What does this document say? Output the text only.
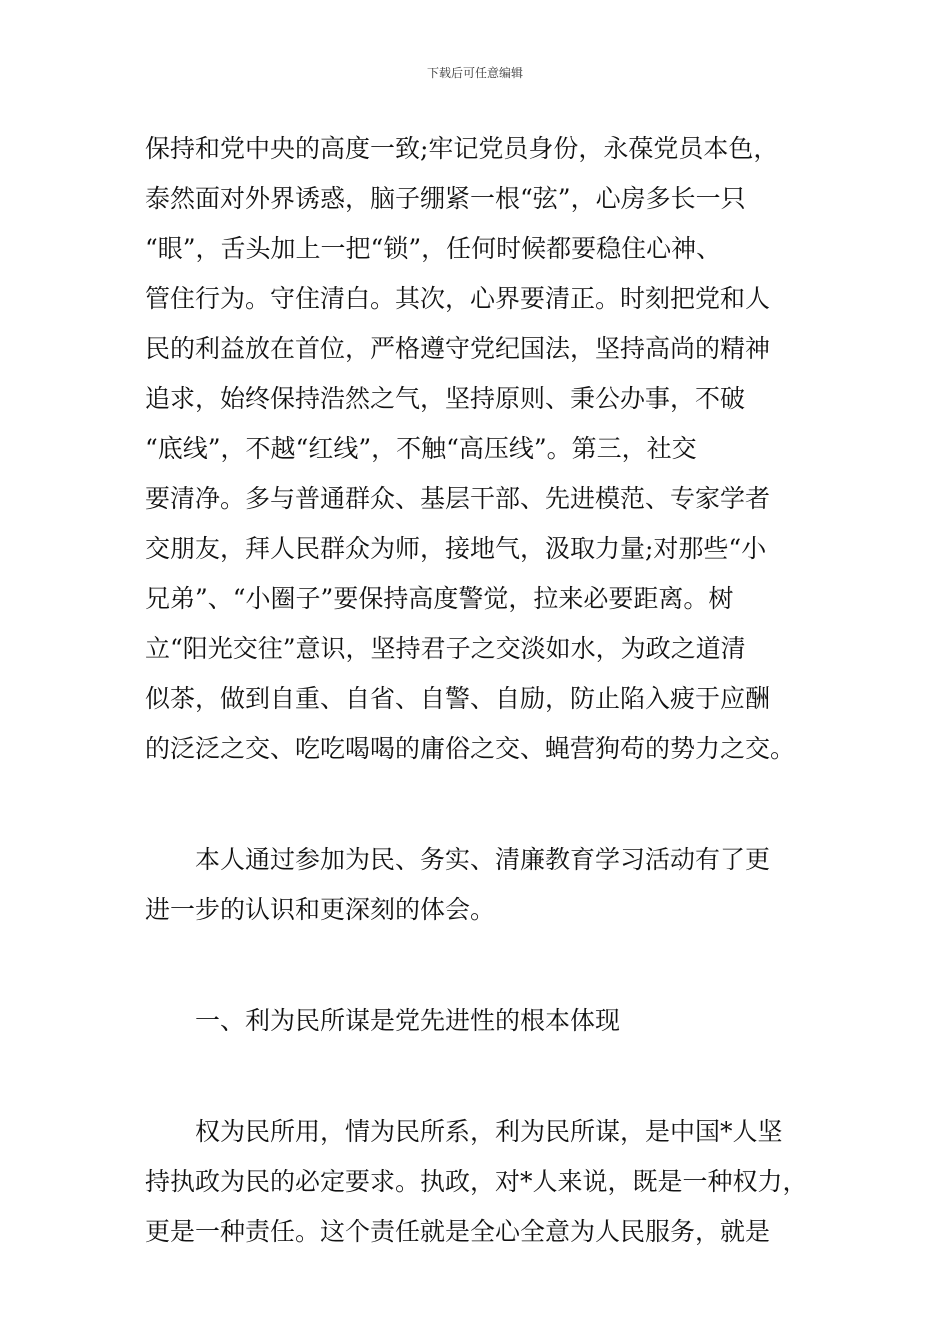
下载后可任意编辑
保持和党中央的高度一致;牢记党员身份，永葆党员本色，
泰然面对外界诱惑，脑子绷紧一根“弦”，心房多长一只
“眼”，舌头加上一把“锁”，任何时候都要稳住心神、
管住行为。守住清白。其次，心界要清正。时刻把党和人
民的利益放在首位，严格遵守党纪国法，坚持高尚的精神
追求，始终保持浩然之气，坚持原则、秉公办事，不破
“底线”，不越“红线”，不触“高压线”。第三，社交
要清净。多与普通群众、基层干部、先进模范、专家学者
交朋友，拜人民群众为师，接地气，汲取力量;对那些“小
兄弟”、“小圈子”要保持高度警觉，拉来必要距离。树
立“阳光交往”意识，坚持君子之交淡如水，为政之道清
似茶，做到自重、自省、自警、自励，防止陷入疲于应酬
的泛泛之交、吃吃喝喝的庸俗之交、蝇营狗苟的势力之交。
本人通过参加为民、务实、清廉教育学习活动有了更
进一步的认识和更深刻的体会。
一、利为民所谋是党先进性的根本体现
权为民所用，情为民所系，利为民所谋，是中国*人坚
持执政为民的必定要求。执政，对*人来说，既是一种权力，
更是一种责任。这个责任就是全心全意为人民服务，就是
